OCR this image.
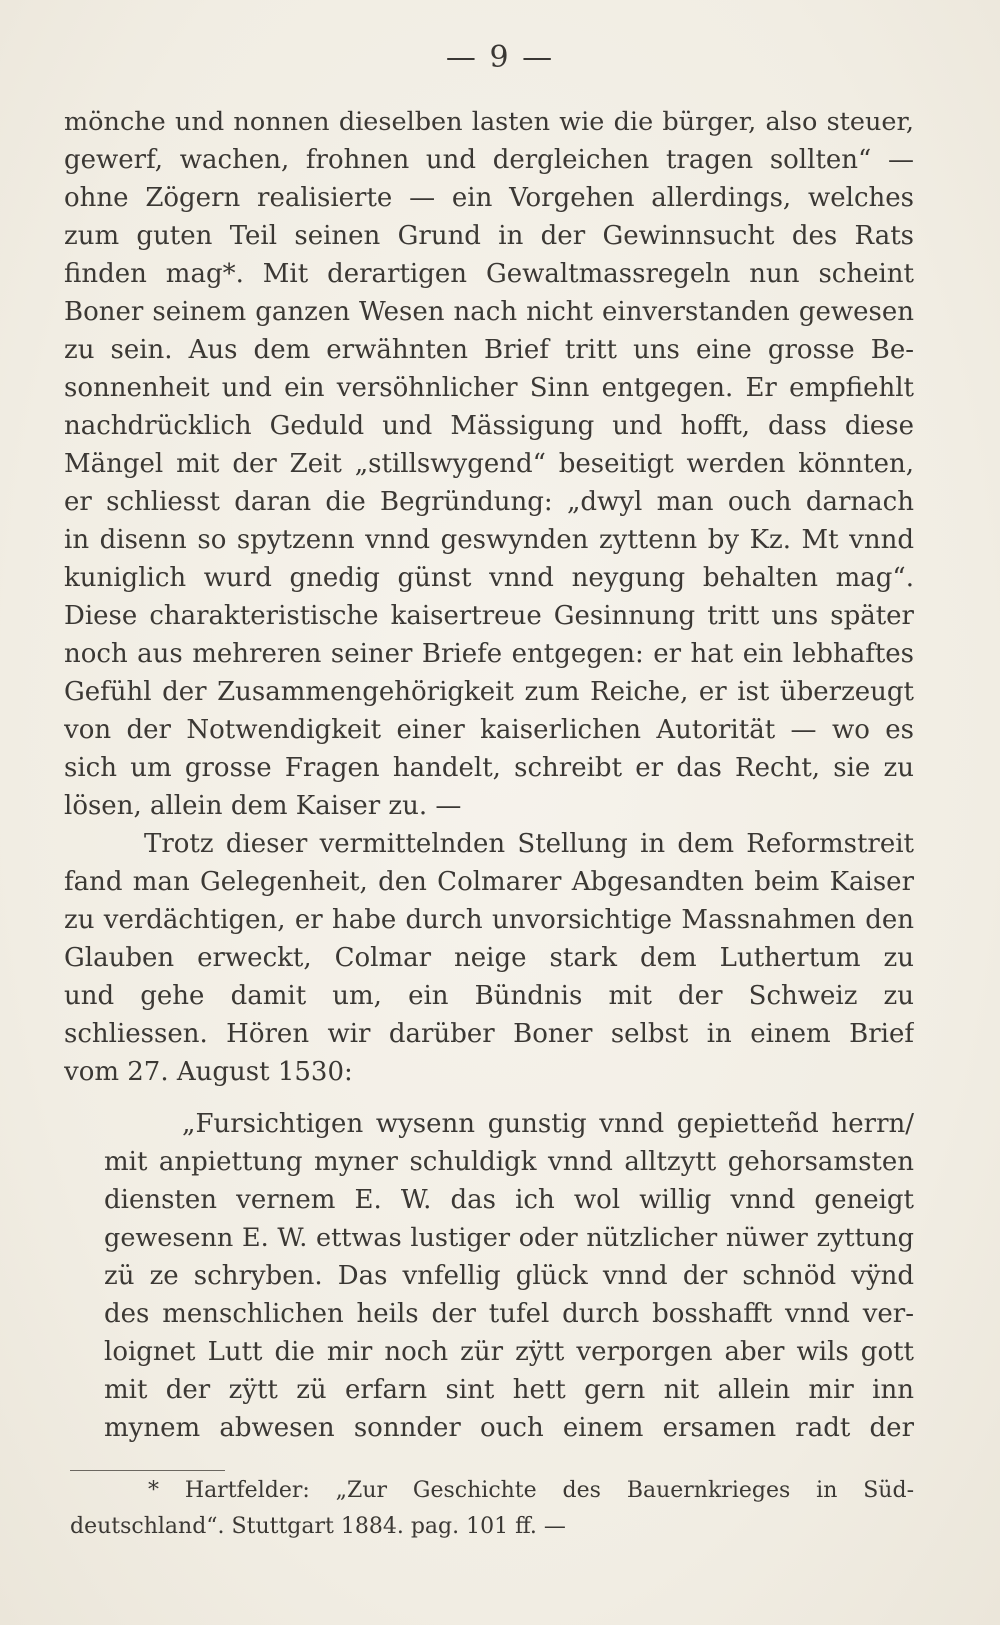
— 9 —
mönche und nonnen dieselben lasten wie die bürger, also steuer,
gewerf, wachen, frohnen und dergleichen tragen sollten“ —
ohne Zögern realisierte — ein Vorgehen allerdings, welches
zum guten Teil seinen Grund in der Gewinnsucht des Rats
finden mag*. Mit derartigen Gewaltmassregeln nun scheint
Boner seinem ganzen Wesen nach nicht einverstanden gewesen
zu sein. Aus dem erwähnten Brief tritt uns eine grosse Be-
sonnenheit und ein versöhnlicher Sinn entgegen. Er empfiehlt
nachdrücklich Geduld und Mässigung und hofft, dass diese
Mängel mit der Zeit „stillswygend“ beseitigt werden könnten,
er schliesst daran die Begründung: „dwyl man ouch darnach
in disenn so spytzenn vnnd geswynden zyttenn by Kz. Mt vnnd
kuniglich wurd gnedig günst vnnd neygung behalten mag“.
Diese charakteristische kaisertreue Gesinnung tritt uns später
noch aus mehreren seiner Briefe entgegen: er hat ein lebhaftes
Gefühl der Zusammengehörigkeit zum Reiche, er ist überzeugt
von der Notwendigkeit einer kaiserlichen Autorität — wo es
sich um grosse Fragen handelt, schreibt er das Recht, sie zu
lösen, allein dem Kaiser zu. —
Trotz dieser vermittelnden Stellung in dem Reformstreit
fand man Gelegenheit, den Colmarer Abgesandten beim Kaiser
zu verdächtigen, er habe durch unvorsichtige Massnahmen den
Glauben erweckt, Colmar neige stark dem Luthertum zu
und gehe damit um, ein Bündnis mit der Schweiz zu
schliessen. Hören wir darüber Boner selbst in einem Brief
vom 27. August 1530:
„Fursichtigen wysenn gunstig vnnd gepietteñd herrn/
mit anpiettung myner schuldigk vnnd alltzytt gehorsamsten
diensten vernem E. W. das ich wol willig vnnd geneigt
gewesenn E. W. ettwas lustiger oder nützlicher nüwer zyttung
zü ze schryben. Das vnfellig glück vnnd der schnöd vÿnd
des menschlichen heils der tufel durch bosshafft vnnd ver-
loignet Lutt die mir noch zür zÿtt verporgen aber wils gott
mit der zÿtt zü erfarn sint hett gern nit allein mir inn
mynem abwesen sonnder ouch einem ersamen radt der
* Hartfelder: „Zur Geschichte des Bauernkrieges in Süd-
deutschland“. Stuttgart 1884. pag. 101 ff. —
